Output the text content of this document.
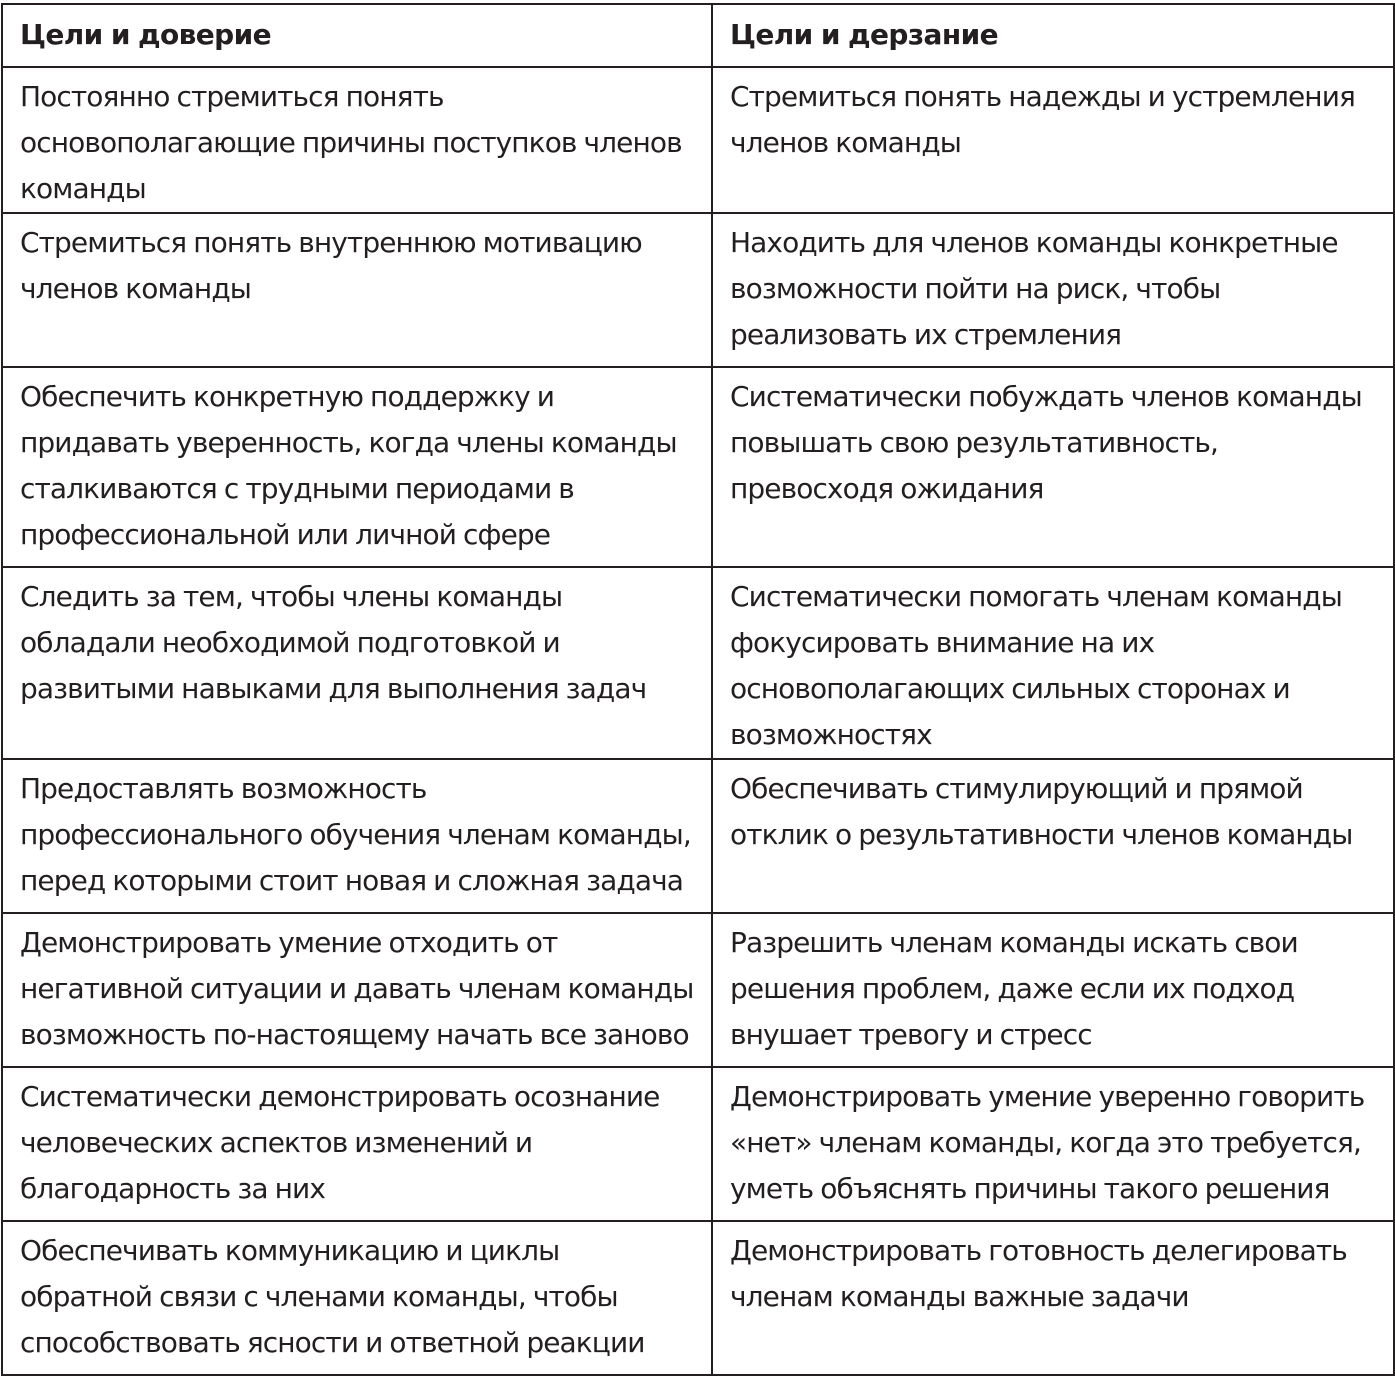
Цели и доверие	Цели и дерзание
Постоянно стремиться понять основополагающие причины поступков членов команды	Стремиться понять надежды и устремления членов команды
Стремиться понять внутреннюю мотивацию членов команды	Находить для членов команды конкретные возможности пойти на риск, чтобы реализовать их стремления
Обеспечить конкретную поддержку и придавать уверенность, когда члены команды сталкиваются с трудными периодами в профессиональной или личной сфере	Систематически побуждать членов команды повышать свою результативность, превосходя ожидания
Следить за тем, чтобы члены команды обладали необходимой подготовкой и развитыми навыками для выполнения задач	Систематически помогать членам команды фокусировать внимание на их основополагающих сильных сторонах и возможностях
Предоставлять возможность профессионального обучения членам команды, перед которыми стоит новая и сложная задача	Обеспечивать стимулирующий и прямой отклик о результативности членов команды
Демонстрировать умение отходить от негативной ситуации и давать членам команды возможность по-настоящему начать все заново	Разрешить членам команды искать свои решения проблем, даже если их подход внушает тревогу и стресс
Систематически демонстрировать осознание человеческих аспектов изменений и благодарность за них	Демонстрировать умение уверенно говорить «нет» членам команды, когда это требуется, уметь объяснять причины такого решения
Обеспечивать коммуникацию и циклы обратной связи с членами команды, чтобы способствовать ясности и ответной реакции	Демонстрировать готовность делегировать членам команды важные задачи
